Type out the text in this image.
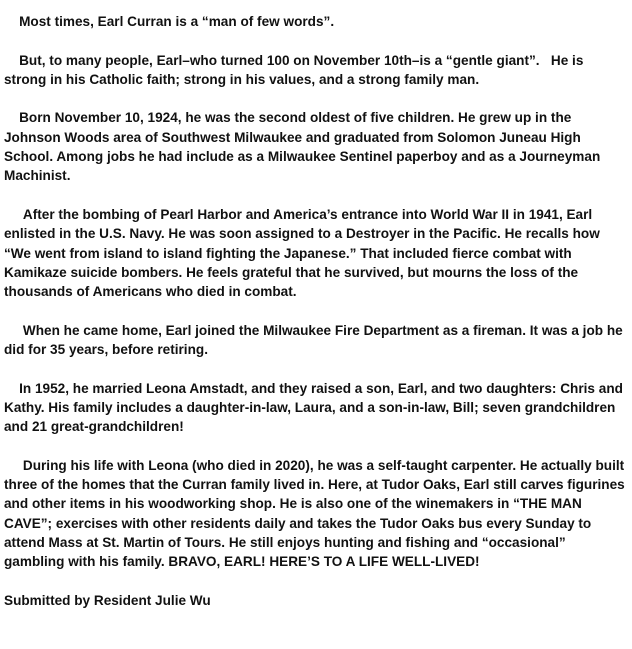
Most times, Earl Curran is a “man of few words”.

But, to many people, Earl–who turned 100 on November 10th–is a “gentle giant”.   He is strong in his Catholic faith; strong in his values, and a strong family man.

Born November 10, 1924, he was the second oldest of five children. He grew up in the Johnson Woods area of Southwest Milwaukee and graduated from Solomon Juneau High School. Among jobs he had include as a Milwaukee Sentinel paperboy and as a Journeyman Machinist.

After the bombing of Pearl Harbor and America’s entrance into World War II in 1941, Earl enlisted in the U.S. Navy. He was soon assigned to a Destroyer in the Pacific. He recalls how “We went from island to island fighting the Japanese.” That included fierce combat with Kamikaze suicide bombers. He feels grateful that he survived, but mourns the loss of the thousands of Americans who died in combat.

When he came home, Earl joined the Milwaukee Fire Department as a fireman. It was a job he did for 35 years, before retiring.

In 1952, he married Leona Amstadt, and they raised a son, Earl, and two daughters: Chris and Kathy. His family includes a daughter-in-law, Laura, and a son-in-law, Bill; seven grandchildren and 21 great-grandchildren!

During his life with Leona (who died in 2020), he was a self-taught carpenter. He actually built three of the homes that the Curran family lived in. Here, at Tudor Oaks, Earl still carves figurines and other items in his woodworking shop. He is also one of the winemakers in “THE MAN CAVE”; exercises with other residents daily and takes the Tudor Oaks bus every Sunday to attend Mass at St. Martin of Tours. He still enjoys hunting and fishing and “occasional” gambling with his family. BRAVO, EARL! HERE’S TO A LIFE WELL-LIVED!

Submitted by Resident Julie Wu
